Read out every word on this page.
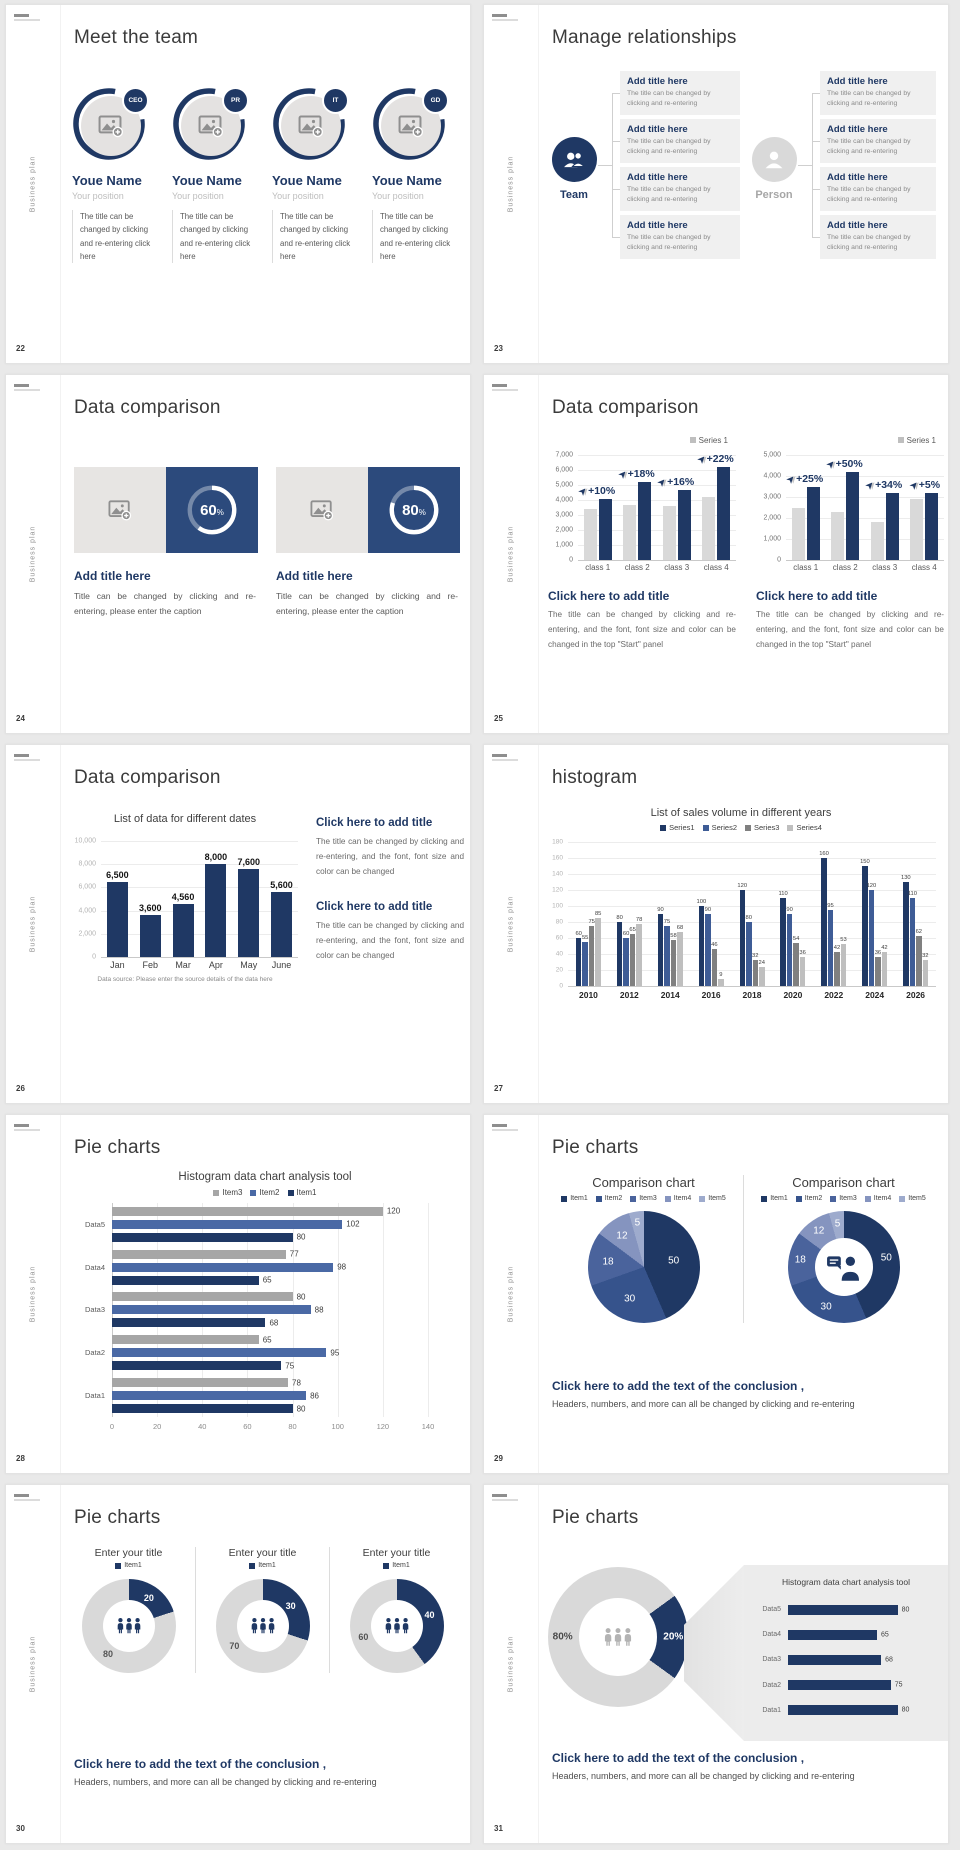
Business plan
22
Meet the team
CEO
Youe Name
Your position
The title can be changed by clicking and re-entering click here
PR
Youe Name
Your position
The title can be changed by clicking and re-entering click here
IT
Youe Name
Your position
The title can be changed by clicking and re-entering click here
GD
Youe Name
Your position
The title can be changed by clicking and re-entering click here
Business plan
23
Manage relationships
Team
Add title here
The title can be changed by clicking and re-entering
Add title here
The title can be changed by clicking and re-entering
Add title here
The title can be changed by clicking and re-entering
Add title here
The title can be changed by clicking and re-entering
Person
Add title here
The title can be changed by clicking and re-entering
Add title here
The title can be changed by clicking and re-entering
Add title here
The title can be changed by clicking and re-entering
Add title here
The title can be changed by clicking and re-entering
Business plan
24
Data comparison
60%
Add title here
Title can be changed by clicking and re-entering, please enter the caption
80%
Add title here
Title can be changed by clicking and re-entering, please enter the caption
Business plan
25
Data comparison
Series 1
➤+10%
➤+18%
➤+16%
➤+22%
0
1,000
2,000
3,000
4,000
5,000
6,000
7,000
class 1	class 2	class 3	class 4
Click here to add title
The title can be changed by clicking and re-entering, and the font, font size and color can be changed in the top "Start" panel
Series 1
➤+25%
➤+50%
➤+34% ➤+5%
0
1,000
2,000
3,000
4,000
5,000
class 1	class 2	class 3	class 4
Click here to add title
The title can be changed by clicking and re-entering, and the font, font size and color can be changed in the top "Start" panel
Business plan
26
Data comparison
List of data for different dates
6,500
3,600
4,560
8,000 7,600
5,600
0
2,000
4,000
6,000
8,000
10,000
Jan	Feb	Mar	Apr	May	June
Data source: Please enter the source details of the data here
Click here to add title
The title can be changed by clicking and re-entering, and the font, font size and color can be changed
Click here to add title
The title can be changed by clicking and re-entering, and the font, font size and color can be changed
Business plan
27
histogram
List of sales volume in different years
Series1 Series2 Series3 Series4
60
55
75
85
80
60
65
78
90
75
58
68
100
90
46
9
120
80
32
24
110
90
54
36
160
95
42
53
150
120
36
42
130
110
62
32
0
20
40
60
80
100
120
140
160
180
2010	2012	2014	2016	2018	2020	2022	2024	2026
Business plan
28
Pie charts
Histogram data chart analysis tool
Item3 Item2 Item1
120
102
80
77
98
65
80
88
68
65
95
75
78
86
80
Data5
Data4
Data3
Data2
Data1
0	20	40	60	80	100	120	140
Business plan
29
Pie charts
Comparison chart
Item1 Item2 Item3 Item4 Item5
50
30
18
12
5
Comparison chart
Item1 Item2 Item3 Item4 Item5
50
30
18
12
5
Click here to add the text of the conclusion ,
Headers, numbers, and more can all be changed by clicking and re-entering
Business plan
30
Pie charts
Enter your title
Item1
20
80
Enter your title
Item1
30
70
Enter your title
Item1
40
60
Click here to add the text of the conclusion ,
Headers, numbers, and more can all be changed by clicking and re-entering
Business plan
31
Pie charts
20%
80%
Histogram data chart analysis tool
80
65
68
75
80
Data5
Data4
Data3
Data2
Data1
Click here to add the text of the conclusion ,
Headers, numbers, and more can all be changed by clicking and re-entering
